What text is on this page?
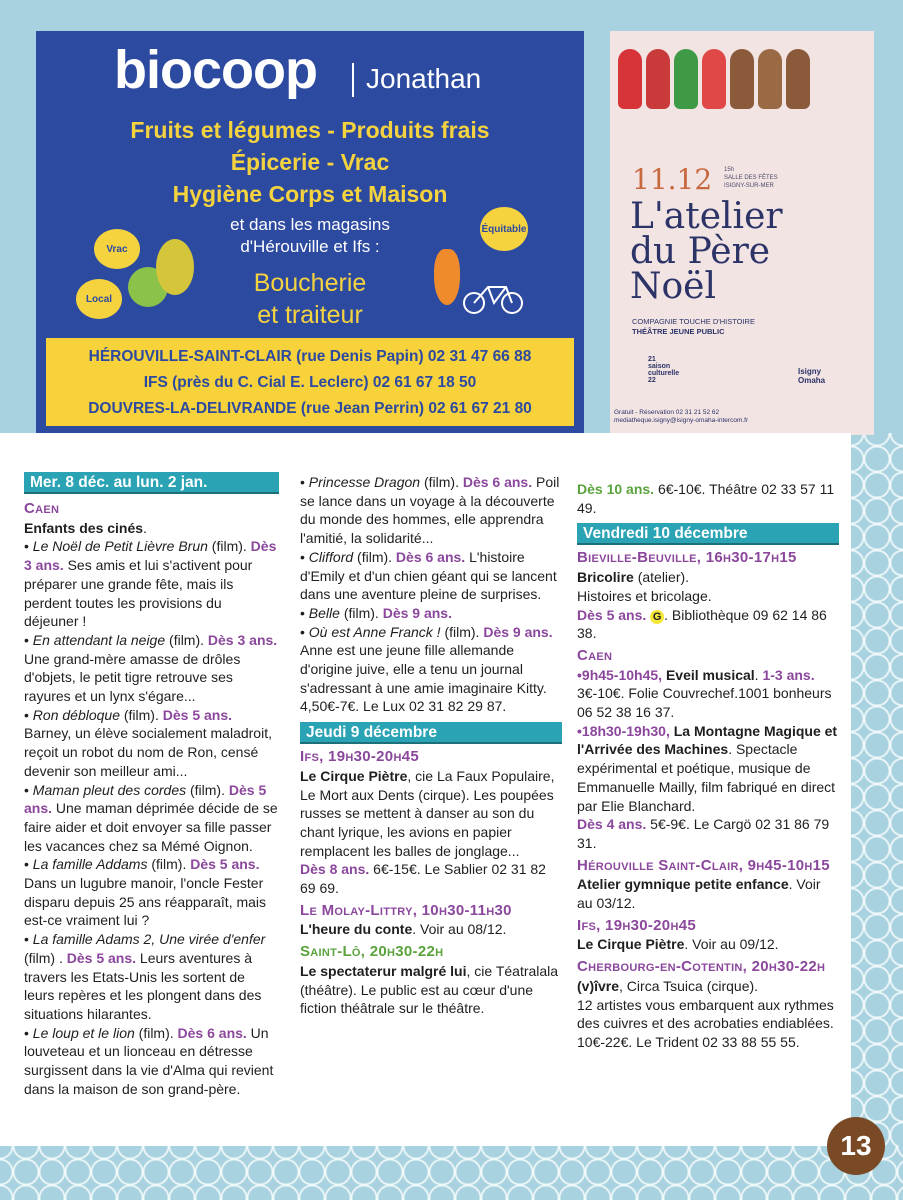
biocoop Jonathan
Fruits et légumes - Produits frais
Épicerie - Vrac
Hygiène Corps et Maison
et dans les magasins
d'Hérouville et Ifs :
Boucherie
et traiteur
Vrac
Local
Équitable
HÉROUVILLE-SAINT-CLAIR (rue Denis Papin) 02 31 47 66 88
IFS (près du C. Cial E. Leclerc) 02 61 67 18 50
DOUVRES-LA-DELIVRANDE (rue Jean Perrin) 02 61 67 21 80
11.12 15h
SALLE DES FÊTES
ISIGNY-SUR-MER
L'atelier
du Père
Noël
COMPAGNIE TOUCHE D'HISTOIRE
THÉÂTRE JEUNE PUBLIC
21
saison
culturelle
22
Isigny
Omaha
Gratuit - Réservation 02 31 21 52 62
mediatheque.isigny@isigny-omaha-intercom.fr
Mer. 8 déc. au lun. 2 jan.
Caen
Enfants des cinés.
• Le Noël de Petit Lièvre Brun (film). Dès 3 ans. Ses amis et lui s'activent pour préparer une grande fête, mais ils perdent toutes les provisions du déjeuner !
• En attendant la neige (film). Dès 3 ans. Une grand-mère amasse de drôles d'objets, le petit tigre retrouve ses rayures et un lynx s'égare...
• Ron débloque (film). Dès 5 ans. Barney, un élève socialement maladroit, reçoit un robot du nom de Ron, censé devenir son meilleur ami...
• Maman pleut des cordes (film). Dès 5 ans. Une maman déprimée décide de se faire aider et doit envoyer sa fille passer les vacances chez sa Mémé Oignon.
• La famille Addams (film). Dès 5 ans. Dans un lugubre manoir, l'oncle Fester disparu depuis 25 ans réapparaît, mais est-ce vraiment lui ?
• La famille Adams 2, Une virée d'enfer (film) . Dès 5 ans. Leurs aventures à travers les Etats-Unis les sortent de leurs repères et les plongent dans des situations hilarantes.
• Le loup et le lion (film). Dès 6 ans. Un louveteau et un lionceau en détresse surgissent dans la vie d'Alma qui revient dans la maison de son grand-père.
• Princesse Dragon (film). Dès 6 ans. Poil se lance dans un voyage à la découverte du monde des hommes, elle apprendra l'amitié, la solidarité...
• Clifford (film). Dès 6 ans. L'histoire d'Emily et d'un chien géant qui se lancent dans une aventure pleine de surprises.
• Belle (film). Dès 9 ans.
• Où est Anne Franck ! (film). Dès 9 ans. Anne est une jeune fille allemande d'origine juive, elle a tenu un journal s'adressant à une amie imaginaire Kitty.
4,50€-7€. Le Lux 02 31 82 29 87.
Jeudi 9 décembre
Ifs, 19h30-20h45
Le Cirque Piètre, cie La Faux Populaire, Le Mort aux Dents (cirque). Les poupées russes se mettent à danser au son du chant lyrique, les avions en papier remplacent les balles de jonglage...
Dès 8 ans. 6€-15€. Le Sablier 02 31 82 69 69.
Le Molay-Littry, 10h30-11h30
L'heure du conte. Voir au 08/12.
Saint-Lô, 20h30-22h
Le spectaterur malgré lui, cie Téatralala (théâtre). Le public est au cœur d'une fiction théâtrale sur le théâtre.
Dès 10 ans. 6€-10€. Théâtre 02 33 57 11 49.
Vendredi 10 décembre
Bieville-Beuville, 16h30-17h15
Bricolire (atelier).
Histoires et bricolage.
Dès 5 ans. G . Bibliothèque 09 62 14 86 38.
Caen
•9h45-10h45, Eveil musical. 1-3 ans. 3€-10€. Folie Couvrechef.1001 bonheurs 06 52 38 16 37.
•18h30-19h30, La Montagne Magique et l'Arrivée des Machines. Spectacle expérimental et poétique, musique de Emmanuelle Mailly, film fabriqué en direct par Elie Blanchard.
Dès 4 ans. 5€-9€. Le Cargö 02 31 86 79 31.
Hérouville Saint-Clair, 9h45-10h15
Atelier gymnique petite enfance. Voir au 03/12.
Ifs, 19h30-20h45
Le Cirque Piètre. Voir au 09/12.
Cherbourg-en-Cotentin, 20h30-22h
(v)îvre, Circa Tsuica (cirque).
12 artistes vous embarquent aux rythmes des cuivres et des acrobaties endiablées.
10€-22€. Le Trident 02 33 88 55 55.
13
